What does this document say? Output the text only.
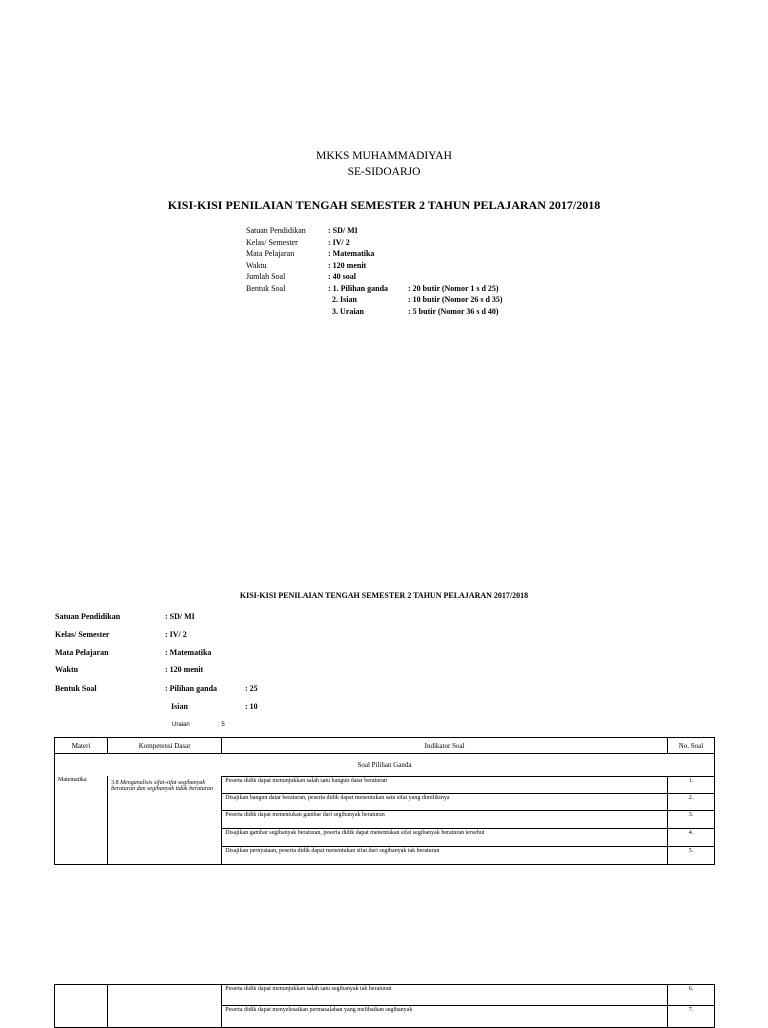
MKKS MUHAMMADIYAH
SE-SIDOARJO
KISI-KISI PENILAIAN TENGAH SEMESTER 2 TAHUN PELAJARAN 2017/2018
Satuan Pendidikan	: SD/ MI	
Kelas/ Semester	: IV/ 2	
Mata Pelajaran	: Matematika	
Waktu	: 120 menit	
Jumlah Soal	: 40 soal	
Bentuk Soal	: 1. Pilihan ganda	: 20 butir (Nomor 1 s d 25)
	2. Isian	: 10 butir (Nomor 26 s d 35)
	3. Uraian	: 5 butir (Nomor 36 s d 40)
KISI-KISI PENILAIAN TENGAH SEMESTER 2 TAHUN PELAJARAN 2017/2018
Satuan Pendidikan	: SD/ MI
Kelas/ Semester	: IV/ 2
Mata Pelajaran	: Matematika
Waktu	: 120 menit
Bentuk Soal	: Pilihan ganda	: 25
Isian	: 10
Uraian	: 5
Materi	Kompetensi Dasar	Indikator Soal	No. Soal
Soal Pilihan Ganda			
Matematika	3.8 Menganalisis sifat-sifat segibanyak beraturan dan segibanyak tidak beraturan		
		Peserta didik dapat menunjukkan salah satu bangun datar beraturan	1.
		Disajikan bangun datar beraturan, peserta didik dapat menentukan satu sifat yang dimilikinya	2.
		Peserta didik dapat menentukan gambar dari segibanyak beraturan	3.
		Disajikan gambar segibanyak beraturan, peserta didik dapat menentukan sifat segibanyak beraturan tersebut	4.
		Disajikan pernyataan, peserta didik dapat menentukan sifat dari segibanyak tak beraturan	5.
		Peserta didik dapat menunjukkan salah satu segibanyak tak beraturan	6.
		Peserta didik dapat menyelesaikan permasalahan yang melibatkan segibanyak	7.
